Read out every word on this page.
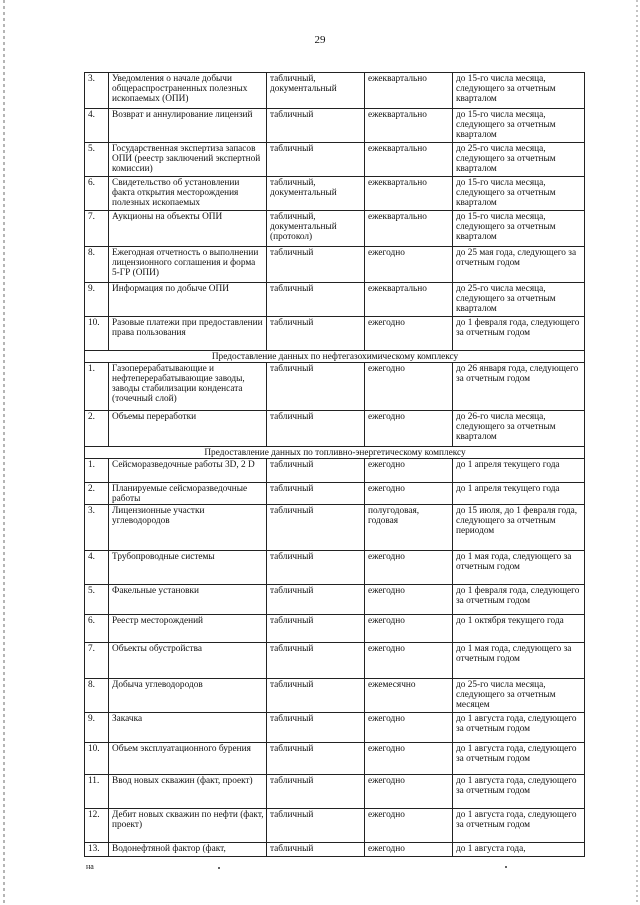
29
3.	Уведомления о начале добычи общераспространенных полезных ископаемых (ОПИ)	табличный, документальный	ежеквартально	до 15-го числа месяца, следующего за отчетным кварталом
4.	Возврат и аннулирование лицензий	табличный	ежеквартально	до 15-го числа месяца, следующего за отчетным кварталом
5.	Государственная экспертиза запасов ОПИ (реестр заключений экспертной комиссии)	табличный	ежеквартально	до 25-го числа месяца, следующего за отчетным кварталом
6.	Свидетельство об установлении факта открытия месторождения полезных ископаемых	табличный, документальный	ежеквартально	до 15-го числа месяца, следующего за отчетным кварталом
7.	Аукционы на объекты ОПИ	табличный, документальный (протокол)	ежеквартально	до 15-го числа месяца, следующего за отчетным кварталом
8.	Ежегодная отчетность о выполнении лицензионного соглашения и форма 5-ГР (ОПИ)	табличный	ежегодно	до 25 мая года, следующего за отчетным годом
9.	Информация по добыче ОПИ	табличный	ежеквартально	до 25-го числа месяца, следующего за отчетным кварталом
10.	Разовые платежи при предоставлении права пользования	табличный	ежегодно	до 1 февраля года, следующего за отчетным годом
Предоставление данных по нефтегазохимическому комплексу				
1.	Газоперерабатывающие и нефтеперерабатывающие заводы, заводы стабилизации конденсата (точечный слой)	табличный	ежегодно	до 26 января года, следующего за отчетным годом
2.	Объемы переработки	табличный	ежегодно	до 26-го числа месяца, следующего за отчетным кварталом
Предоставление данных по топливно-энергетическому комплексу				
1.	Сейсморазведочные работы 3D, 2 D	табличный	ежегодно	до 1 апреля текущего года
2.	Планируемые сейсморазведочные работы	табличный	ежегодно	до 1 апреля текущего года
3.	Лицензионные участки углеводородов	табличный	полугодовая, годовая	до 15 июля, до 1 февраля года, следующего за отчетным периодом
4.	Трубопроводные системы	табличный	ежегодно	до 1 мая года, следующего за отчетным годом
5.	Факельные установки	табличный	ежегодно	до 1 февраля года, следующего за отчетным годом
6.	Реестр месторождений	табличный	ежегодно	до 1 октября текущего года
7.	Объекты обустройства	табличный	ежегодно	до 1 мая года, следующего за отчетным годом
8.	Добыча углеводородов	табличный	ежемесячно	до 25-го числа месяца, следующего за отчетным месяцем
9.	Закачка	табличный	ежегодно	до 1 августа года, следующего за отчетным годом
10.	Объем эксплуатационного бурения	табличный	ежегодно	до 1 августа года, следующего за отчетным годом
11.	Ввод новых скважин (факт, проект)	табличный	ежегодно	до 1 августа года, следующего за отчетным годом
12.	Дебит новых скважин по нефти (факт, проект)	табличный	ежегодно	до 1 августа года, следующего за отчетным годом
13.	Водонефтяной фактор (факт,	табличный	ежегодно	до 1 августа года,
на
